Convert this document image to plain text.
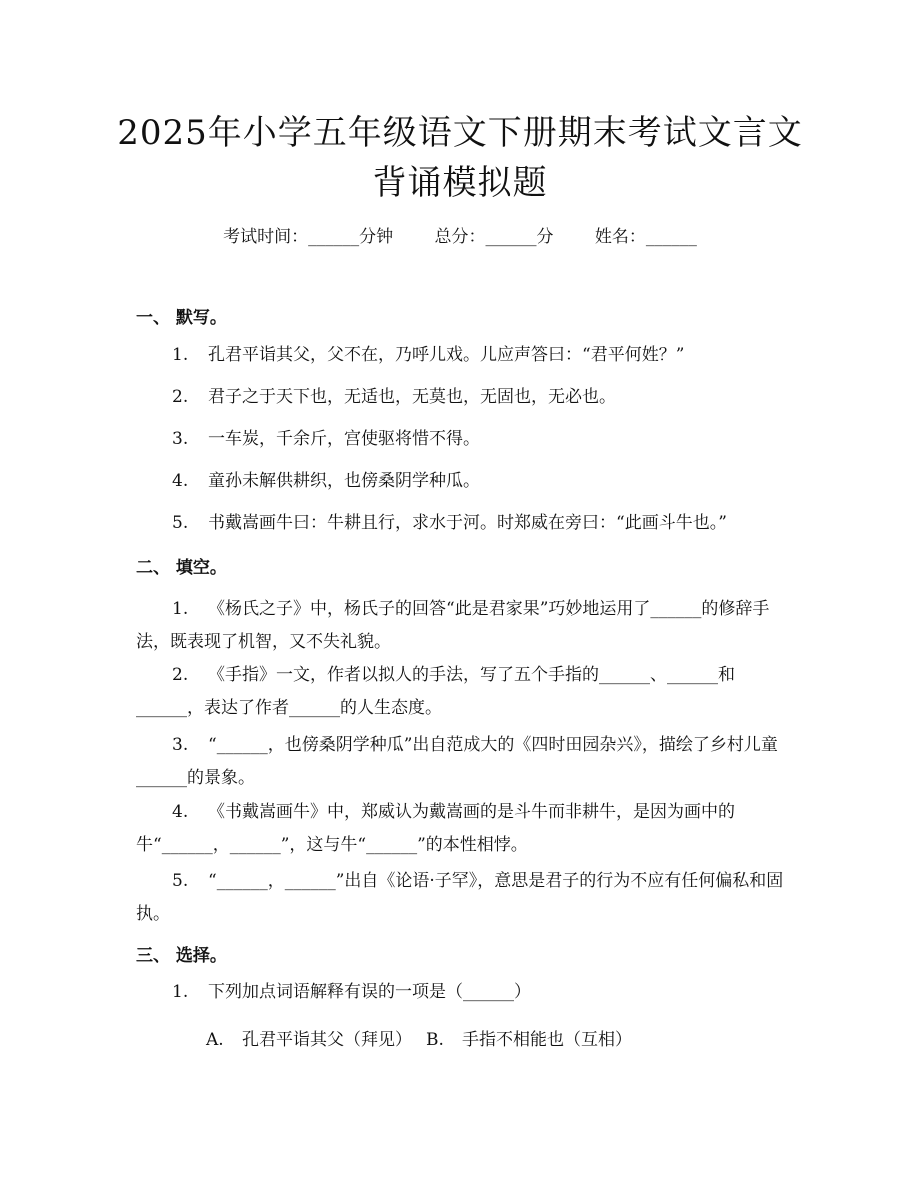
2025年小学五年级语文下册期末考试文言文
背诵模拟题
考试时间：______分钟 总分：______分 姓名：______
一、 默写。
1. 孔君平诣其父，父不在，乃呼儿戏。儿应声答曰：“君平何姓？”
2. 君子之于天下也，无适也，无莫也，无固也，无必也。
3. 一车炭，千余斤，宫使驱将惜不得。
4. 童孙未解供耕织，也傍桑阴学种瓜。
5. 书戴嵩画牛曰：牛耕且行，求水于河。时郑威在旁曰：“此画斗牛也。”
二、 填空。
1. 《杨氏之子》中，杨氏子的回答“此是君家果”巧妙地运用了______的修辞手法，既表现了机智，又不失礼貌。
2. 《手指》一文，作者以拟人的手法，写了五个手指的______、______和______，表达了作者______的人生态度。
3. “______，也傍桑阴学种瓜”出自范成大的《四时田园杂兴》，描绘了乡村儿童______的景象。
4. 《书戴嵩画牛》中，郑威认为戴嵩画的是斗牛而非耕牛，是因为画中的牛“______，______”，这与牛“______”的本性相悖。
5. “______，______”出自《论语·子罕》，意思是君子的行为不应有任何偏私和固执。
三、 选择。
1. 下列加点词语解释有误的一项是（______）
A. 孔君平诣其父（拜见） B. 手指不相能也（互相）
